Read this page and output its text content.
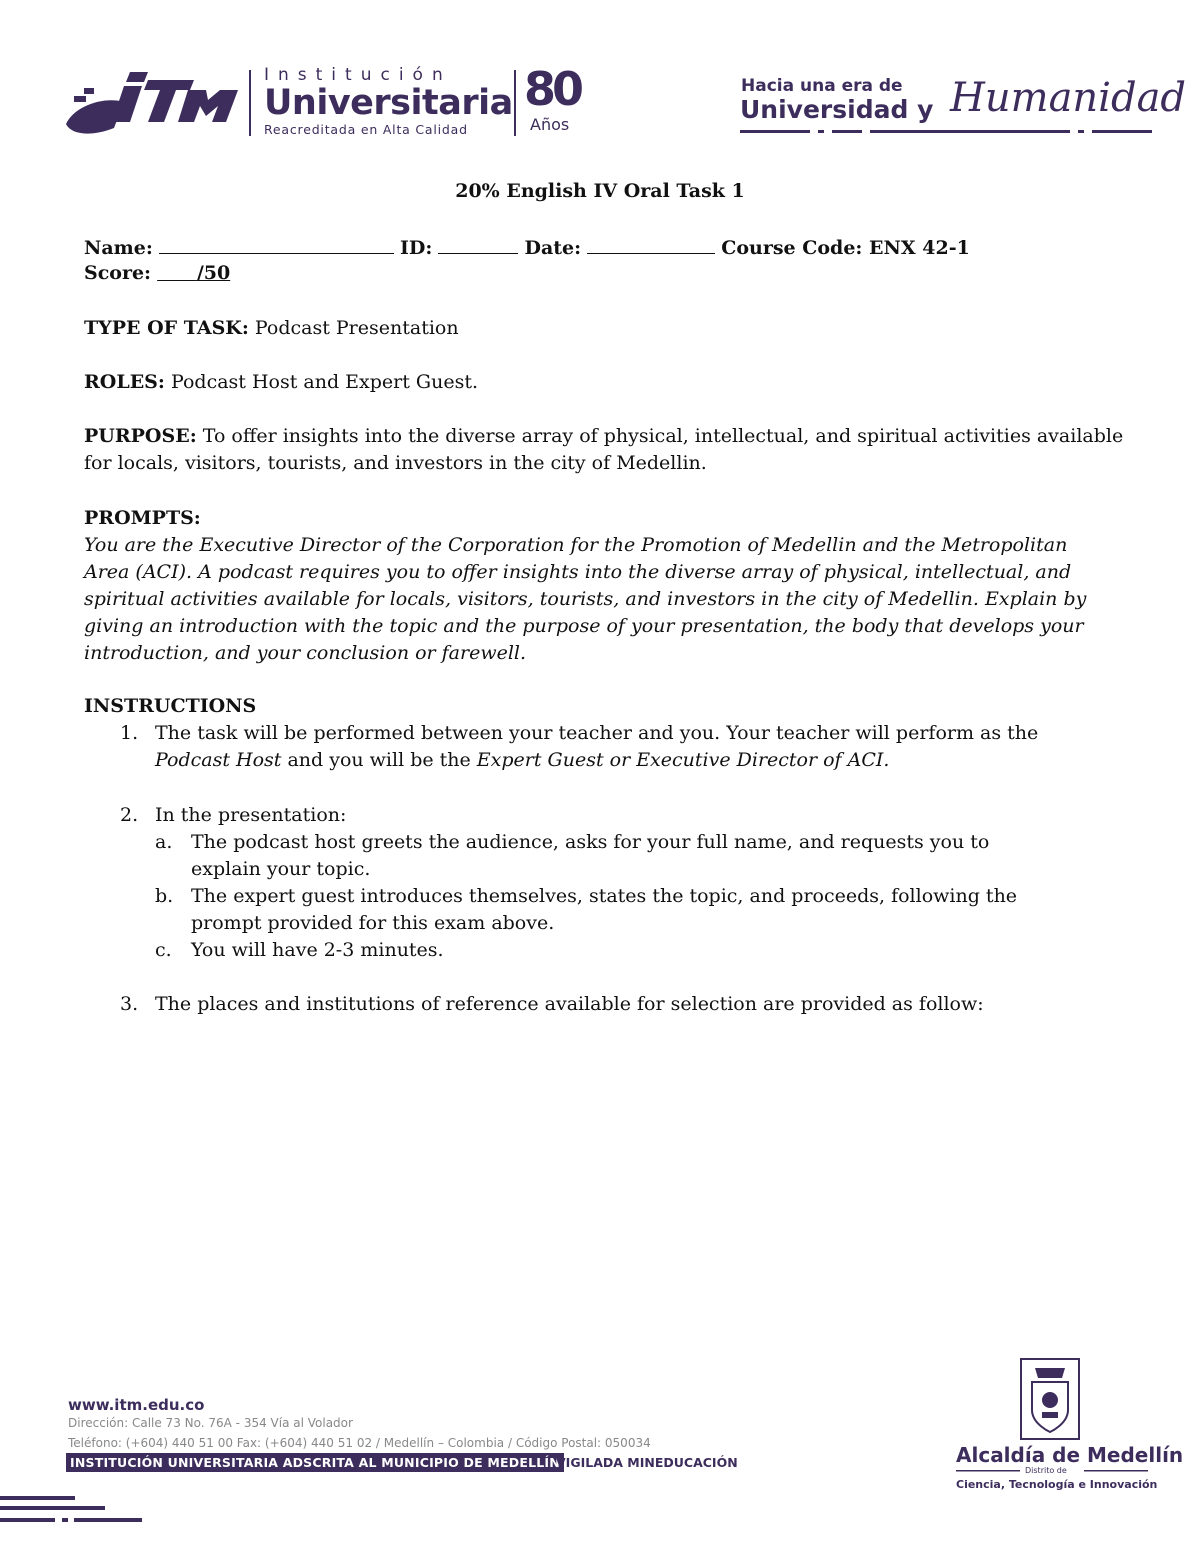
Institución
Universitaria
Reacreditada en Alta Calidad
80
Años
Hacia una era de
Universidad y Humanidad
20% English IV Oral Task 1
Name:	ID:	Date:	Course Code: ENX 42-1
Score: /50
TYPE OF TASK: Podcast Presentation
ROLES: Podcast Host and Expert Guest.
PURPOSE: To offer insights into the diverse array of physical, intellectual, and spiritual activities available for locals, visitors, tourists, and investors in the city of Medellin.
PROMPTS:
You are the Executive Director of the Corporation for the Promotion of Medellin and the Metropolitan Area (ACI). A podcast requires you to offer insights into the diverse array of physical, intellectual, and spiritual activities available for locals, visitors, tourists, and investors in the city of Medellin. Explain by giving an introduction with the topic and the purpose of your presentation, the body that develops your introduction, and your conclusion or farewell.
INSTRUCTIONS
1. The task will be performed between your teacher and you. Your teacher will perform as the
Podcast Host and you will be the Expert Guest or Executive Director of ACI.
2. In the presentation:
a. The podcast host greets the audience, asks for your full name, and requests you to
explain your topic.
b. The expert guest introduces themselves, states the topic, and proceeds, following the
prompt provided for this exam above.
c. You will have 2-3 minutes.
3. The places and institutions of reference available for selection are provided as follow:
www.itm.edu.co
Dirección: Calle 73 No. 76A - 354 Vía al Volador
Teléfono: (+604) 440 51 00 Fax: (+604) 440 51 02 / Medellín – Colombia / Código Postal: 050034
INSTITUCIÓN UNIVERSITARIA ADSCRITA AL MUNICIPIO DE MEDELLÍN
VIGILADA MINEDUCACIÓN	Alcaldía de Medellín
Distrito de
Ciencia, Tecnología e Innovación
